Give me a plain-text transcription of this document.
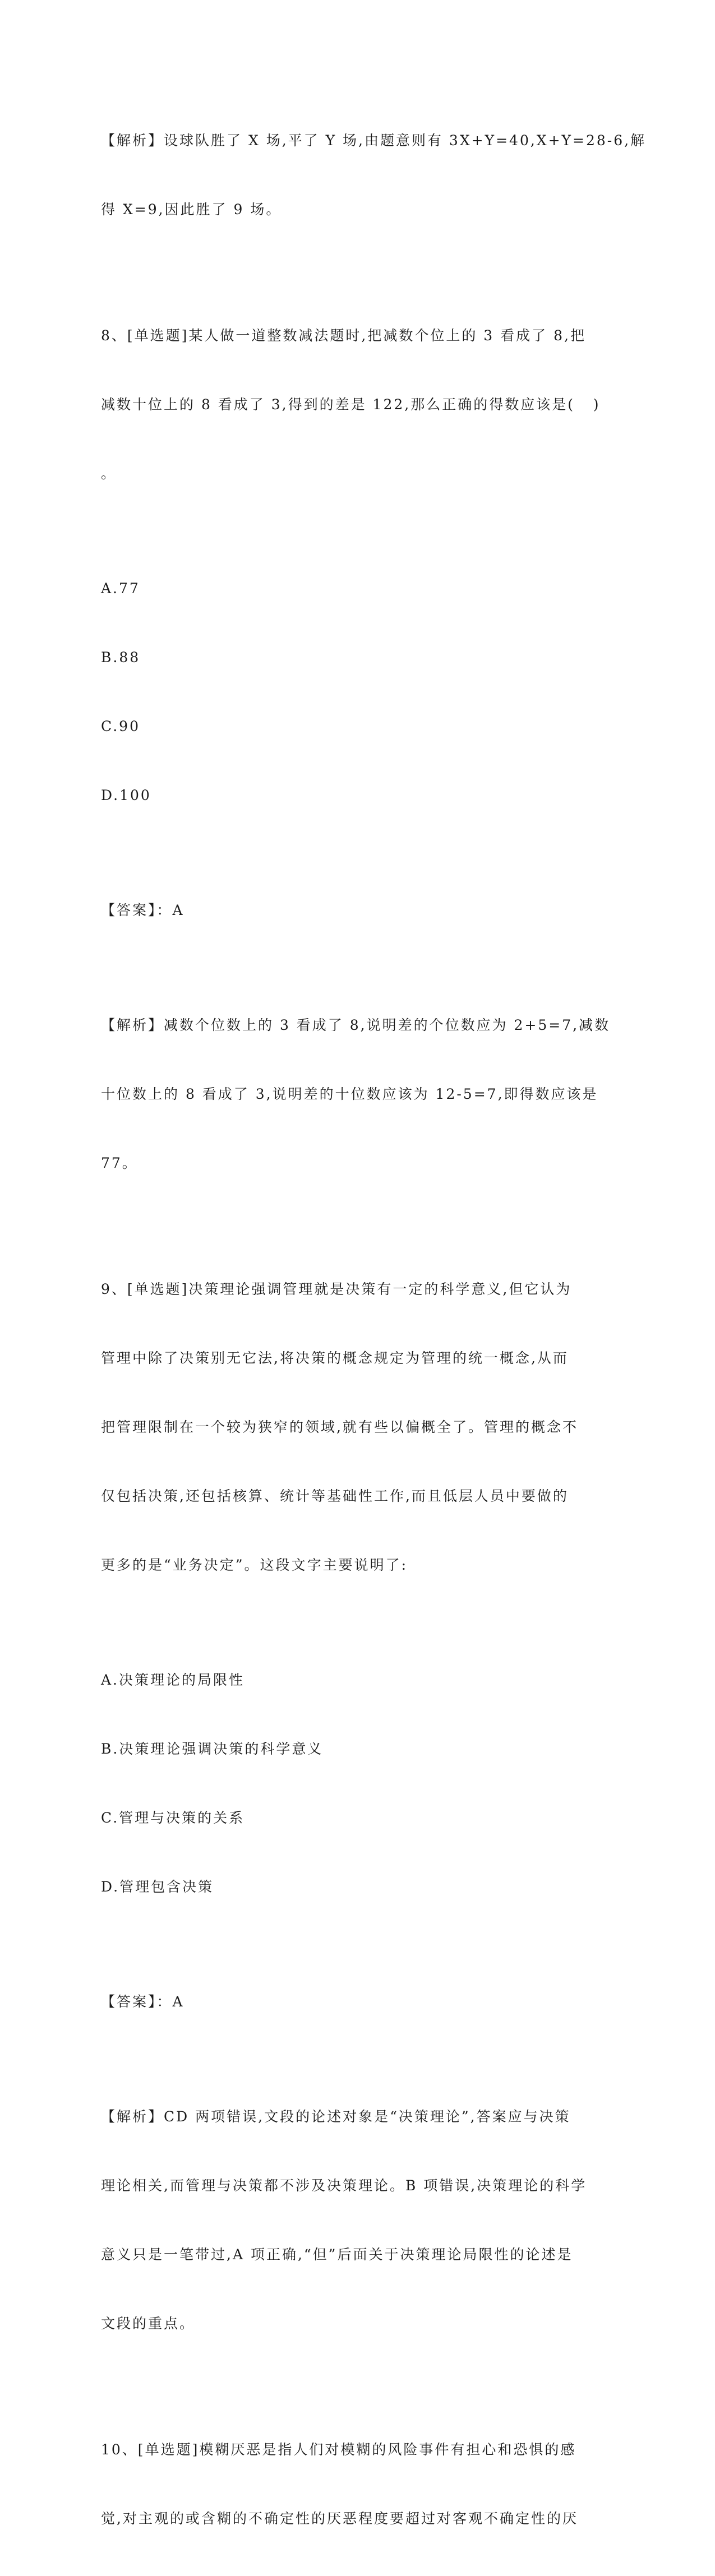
【解析】设球队胜了 X 场,平了 Y 场,由题意则有 3X+Y=40,X+Y=28-6,解

得 X=9,因此胜了 9 场。

8、[单选题]某人做一道整数减法题时,把减数个位上的 3 看成了 8,把

减数十位上的 8 看成了 3,得到的差是 122,那么正确的得数应该是(   )

。

A.77

B.88

C.90

D.100

【答案】：A

【解析】减数个位数上的 3 看成了 8,说明差的个位数应为 2+5=7,减数

十位数上的 8 看成了 3,说明差的十位数应该为 12-5=7,即得数应该是

77。

9、[单选题]决策理论强调管理就是决策有一定的科学意义,但它认为

管理中除了决策别无它法,将决策的概念规定为管理的统一概念,从而

把管理限制在一个较为狭窄的领域,就有些以偏概全了。管理的概念不

仅包括决策,还包括核算、统计等基础性工作,而且低层人员中要做的

更多的是“业务决定”。这段文字主要说明了:

A.决策理论的局限性

B.决策理论强调决策的科学意义

C.管理与决策的关系

D.管理包含决策

【答案】：A

【解析】CD 两项错误,文段的论述对象是“决策理论”,答案应与决策

理论相关,而管理与决策都不涉及决策理论。B 项错误,决策理论的科学

意义只是一笔带过,A 项正确,“但”后面关于决策理论局限性的论述是

文段的重点。

10、[单选题]模糊厌恶是指人们对模糊的风险事件有担心和恐惧的感

觉,对主观的或含糊的不确定性的厌恶程度要超过对客观不确定性的厌
